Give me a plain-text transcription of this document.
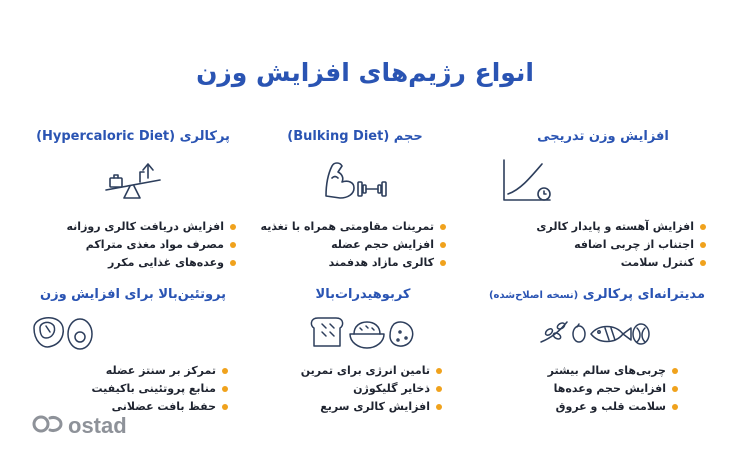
انواع رژیم‌های افزایش وزن
افزایش وزن تدریجی
افزایش آهسته و پایدار کالری
اجتناب از چربی اضافه
کنترل سلامت
حجم (Bulking Diet)
تمرینات مقاومتی همراه با تغذیه
افزایش حجم عضله
کالری مازاد هدفمند
پرکالری (Hypercaloric Diet)
افزایش دریافت کالری روزانه
مصرف مواد مغذی متراکم
وعده‌های غذایی مکرر
مدیترانه‌ای پرکالری (نسخه اصلاح‌شده)
چربی‌های سالم بیشتر
افزایش حجم وعده‌ها
سلامت قلب و عروق
کربوهیدرات‌بالا
تامین انرژی برای تمرین
ذخایر گلیکوژن
افزایش کالری سریع
پروتئین‌بالا برای افزایش وزن
تمرکز بر سنتز عضله
منابع پروتئینی باکیفیت
حفظ بافت عضلانی
ostad
